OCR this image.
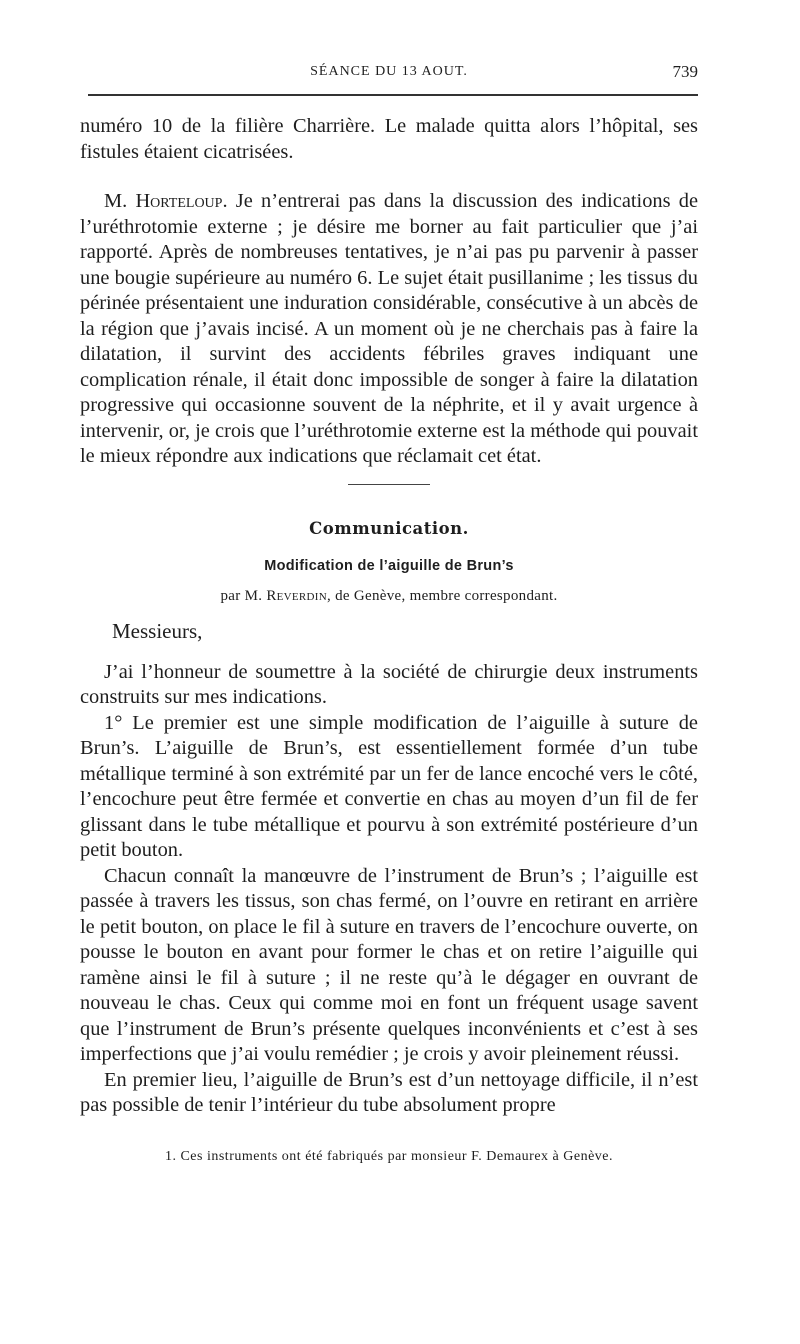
SÉANCE DU 13 AOUT.	739

numéro 10 de la filière Charrière. Le malade quitta alors l’hôpital, ses fistules étaient cicatrisées.

M. Horteloup. Je n’entrerai pas dans la discussion des indications de l’uréthrotomie externe ; je désire me borner au fait particulier que j’ai rapporté. Après de nombreuses tentatives, je n’ai pas pu parvenir à passer une bougie supérieure au numéro 6. Le sujet était pusillanime ; les tissus du périnée présentaient une induration considérable, consécutive à un abcès de la région que j’avais incisé. A un moment où je ne cherchais pas à faire la dilatation, il survint des accidents fébriles graves indiquant une complication rénale, il était donc impossible de songer à faire la dilatation progressive qui occasionne souvent de la néphrite, et il y avait urgence à intervenir, or, je crois que l’uréthrotomie externe est la méthode qui pouvait le mieux répondre aux indications que réclamait cet état.

Communication.
Modification de l’aiguille de Brun’s
par M. Reverdin, de Genève, membre correspondant.
Messieurs,

J’ai l’honneur de soumettre à la société de chirurgie deux instruments construits sur mes indications.

1° Le premier est une simple modification de l’aiguille à suture de Brun’s. L’aiguille de Brun’s, est essentiellement formée d’un tube métallique terminé à son extrémité par un fer de lance encoché vers le côté, l’encochure peut être fermée et convertie en chas au moyen d’un fil de fer glissant dans le tube métallique et pourvu à son extrémité postérieure d’un petit bouton.

Chacun connaît la manœuvre de l’instrument de Brun’s ; l’aiguille est passée à travers les tissus, son chas fermé, on l’ouvre en retirant en arrière le petit bouton, on place le fil à suture en travers de l’encochure ouverte, on pousse le bouton en avant pour former le chas et on retire l’aiguille qui ramène ainsi le fil à suture ; il ne reste qu’à le dégager en ouvrant de nouveau le chas. Ceux qui comme moi en font un fréquent usage savent que l’instrument de Brun’s présente quelques inconvénients et c’est à ses imperfections que j’ai voulu remédier ; je crois y avoir pleinement réussi.

En premier lieu, l’aiguille de Brun’s est d’un nettoyage difficile, il n’est pas possible de tenir l’intérieur du tube absolument propre

1. Ces instruments ont été fabriqués par monsieur F. Demaurex à Genève.
